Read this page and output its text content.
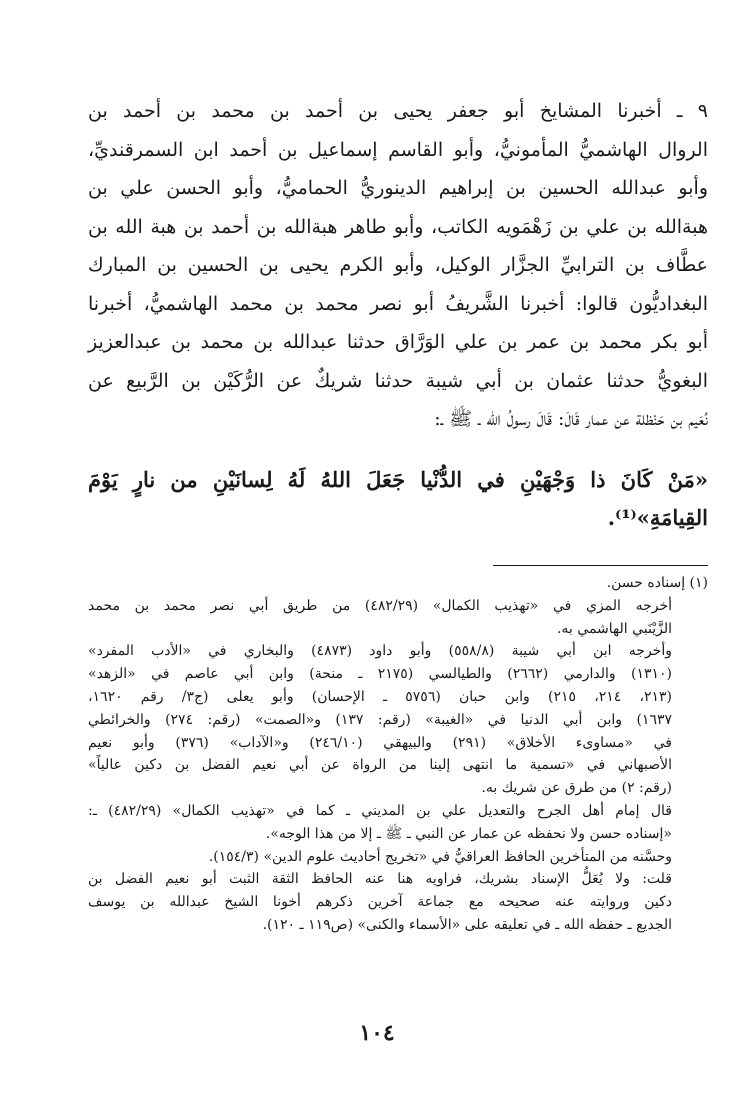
٩ ـ أخبرنا المشايخ أبو جعفر يحيى بن أحمد بن محمد بن أحمد بن
الروال الهاشميُّ المأمونيُّ، وأبو القاسم إسماعيل بن أحمد ابن السمرقنديِّ،
وأبو عبدالله الحسين بن إبراهيم الدينوريُّ الحماميُّ، وأبو الحسن علي بن
هبةالله بن علي بن زَهْمَويه الكاتب، وأبو طاهر هبةالله بن أحمد بن هبة الله بن
عطَّاف بن الترابيِّ الجزَّار الوكيل، وأبو الكرم يحيى بن الحسين بن المبارك
البغداديُّون قالوا: أخبرنا الشَّريفُ أبو نصر محمد بن محمد الهاشميُّ، أخبرنا
أبو بكر محمد بن عمر بن علي الوَرَّاق حدثنا عبدالله بن محمد بن عبدالعزيز
البغويُّ حدثنا عثمان بن أبي شيبة حدثنا شريكٌ عن الرُّكَيْن بن الرَّبيع عن
نُعَيم بن حَنْظلة عن عمار قَالَ: قَالَ رسولُ الله ـ ﷺ ـ:
«مَنْ كَانَ ذا وَجْهَيْنِ في الدُّنْيا جَعَلَ اللهُ لَهُ لِسانَيْنِ من نارٍ يَوْمَ
القِيامَةِ»⁽¹⁾.
(١) إسناده حسن.
أخرجه المزي في «تهذيب الكمال» (٤٨٢/٢٩) من طريق أبي نصر محمد بن محمد
الزَّيْنَبي الهاشمي به.
وأخرجه ابن أبي شيبة (٥٥٨/٨) وأبو داود (٤٨٧٣) والبخاري في «الأدب المفرد»
(١٣١٠) والدارمي (٢٦٦٢) والطيالسي (٢١٧٥ ـ منحة) وابن أبي عاصم في «الزهد»
(٢١٣، ٢١٤، ٢١٥) وابن حبان (٥٧٥٦ ـ الإحسان) وأبو يعلى (ج٣/ رقم ١٦٢٠،
١٦٣٧) وابن أبي الدنيا في «الغيبة» (رقم: ١٣٧) و«الصمت» (رقم: ٢٧٤) والخرائطي
في «مساوىء الأخلاق» (٢٩١) والبيهقي (٢٤٦/١٠) و«الآداب» (٣٧٦) وأبو نعيم
الأصبهاني في «تسمية ما انتهى إلينا من الرواة عن أبي نعيم الفضل بن دكين عالياً»
(رقم: ٢) من طرق عن شريك به.
قال إمام أهل الجرح والتعديل علي بن المديني ـ كما في «تهذيب الكمال» (٤٨٢/٢٩) ـ:
«إسناده حسن ولا نحفظه عن عمار عن النبي ـ ﷺ ـ إلا من هذا الوجه».
وحسَّنه من المتأخرين الحافظ العراقيُّ في «تخريج أحاديث علوم الدين» (١٥٤/٣).
قلت: ولا يُعَلُّ الإسناد بشريك، فراويه هنا عنه الحافظ الثقة الثبت أبو نعيم الفضل بن
دكين وروايته عنه صحيحه مع جماعة آخرين ذكرهم أخونا الشيخ عبدالله بن يوسف
الجديع ـ حفظه الله ـ في تعليقه على «الأسماء والكنى» (ص١١٩ ـ ١٢٠).
١٠٤
